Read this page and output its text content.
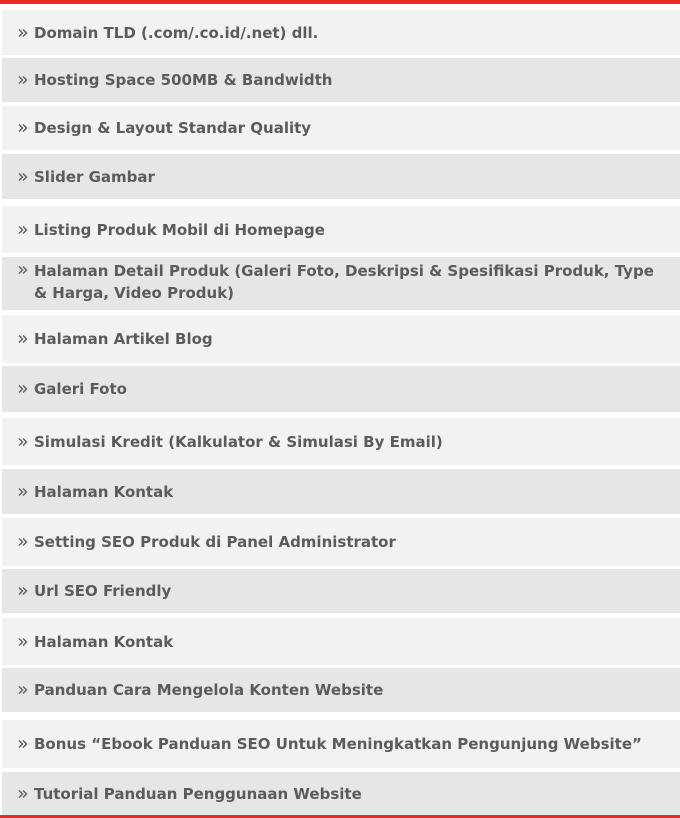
Domain TLD (.com/.co.id/.net) dll.
Hosting Space 500MB & Bandwidth
Design & Layout Standar Quality
Slider Gambar
Listing Produk Mobil di Homepage
Halaman Detail Produk (Galeri Foto, Deskripsi & Spesifikasi Produk, Type & Harga, Video Produk)
Halaman Artikel Blog
Galeri Foto
Simulasi Kredit (Kalkulator & Simulasi By Email)
Halaman Kontak
Setting SEO Produk di Panel Administrator
Url SEO Friendly
Halaman Kontak
Panduan Cara Mengelola Konten Website
Bonus “Ebook Panduan SEO Untuk Meningkatkan Pengunjung Website”
Tutorial Panduan Penggunaan Website
